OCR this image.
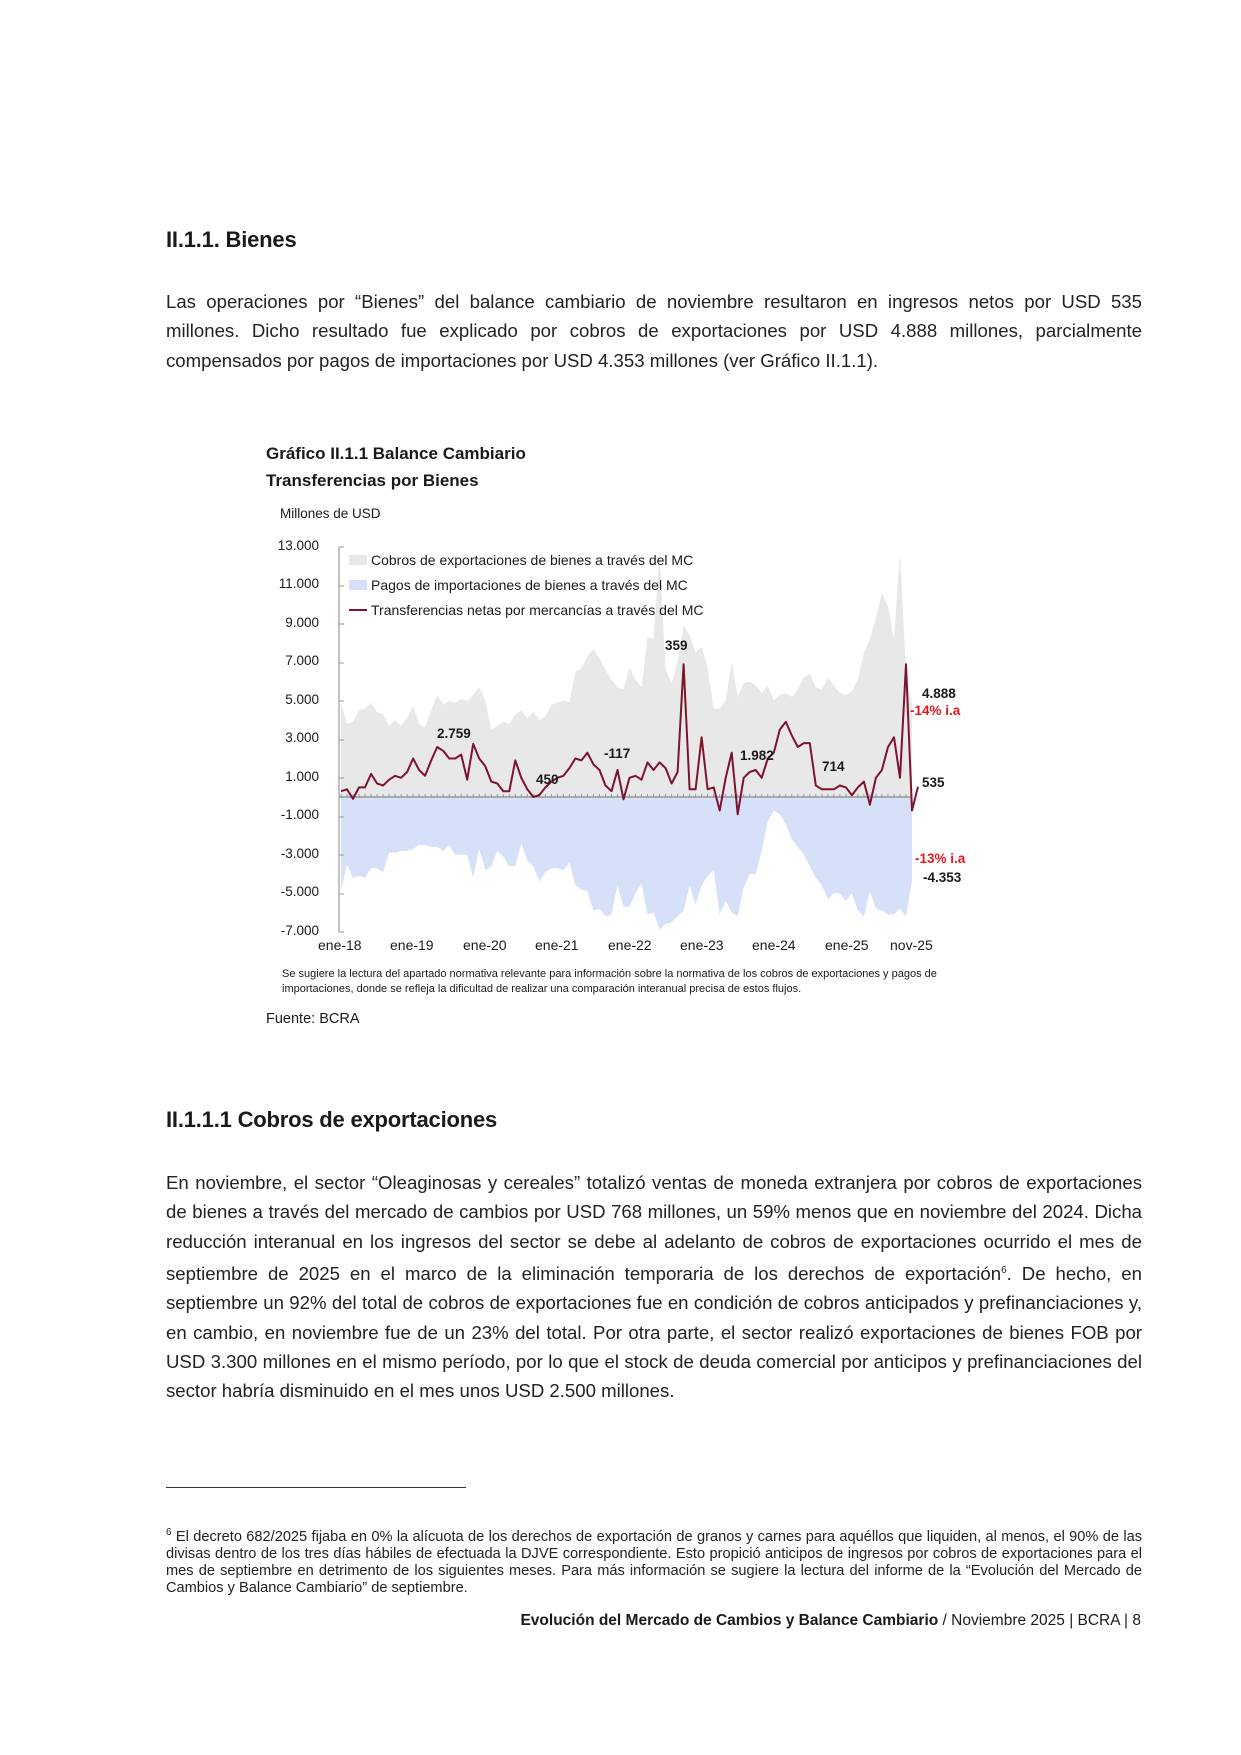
II.1.1. Bienes
Las operaciones por “Bienes” del balance cambiario de noviembre resultaron en ingresos netos por USD 535 millones. Dicho resultado fue explicado por cobros de exportaciones por USD 4.888 millones, parcialmente compensados por pagos de importaciones por USD 4.353 millones (ver Gráfico II.1.1).
Gráfico II.1.1 Balance Cambiario
Transferencias por Bienes
Millones de USD
13.000
11.000
9.000
7.000
5.000
3.000
1.000
-1.000
-3.000
-5.000
-7.000
Cobros de exportaciones de bienes a través del MC
Pagos de importaciones de bienes a través del MC
Transferencias netas por mercancías a través del MC
2.759
450
-117
359
1.982
714
4.888
-14% i.a
535
-13% i.a
-4.353
ene-18 ene-19 ene-20 ene-21 ene-22 ene-23 ene-24 ene-25 nov-25
Se sugiere la lectura del apartado normativa relevante para información sobre la normativa de los cobros de exportaciones y pagos de importaciones, donde se refleja la dificultad de realizar una comparación interanual precisa de estos flujos.
Fuente: BCRA
II.1.1.1 Cobros de exportaciones
En noviembre, el sector “Oleaginosas y cereales” totalizó ventas de moneda extranjera por cobros de exportaciones de bienes a través del mercado de cambios por USD 768 millones, un 59% menos que en noviembre del 2024. Dicha reducción interanual en los ingresos del sector se debe al adelanto de cobros de exportaciones ocurrido el mes de septiembre de 2025 en el marco de la eliminación temporaria de los derechos de exportación$^6$. De hecho, en septiembre un 92% del total de cobros de exportaciones fue en condición de cobros anticipados y prefinanciaciones y, en cambio, en noviembre fue de un 23% del total. Por otra parte, el sector realizó exportaciones de bienes FOB por USD 3.300 millones en el mismo período, por lo que el stock de deuda comercial por anticipos y prefinanciaciones del sector habría disminuido en el mes unos USD 2.500 millones.
$^6$ El decreto 682/2025 fijaba en 0% la alícuota de los derechos de exportación de granos y carnes para aquéllos que liquiden, al menos, el 90% de las divisas dentro de los tres días hábiles de efectuada la DJVE correspondiente. Esto propició anticipos de ingresos por cobros de exportaciones para el mes de septiembre en detrimento de los siguientes meses. Para más información se sugiere la lectura del informe de la “Evolución del Mercado de Cambios y Balance Cambiario” de septiembre.
Evolución del Mercado de Cambios y Balance Cambiario / Noviembre 2025 | BCRA | 8
